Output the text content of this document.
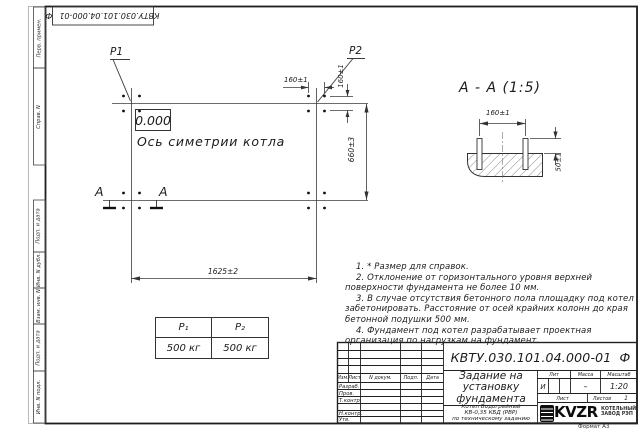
КВТУ.030.101.04.000-01
Ф
Перв. примен.
Справ. N
Подп. и дата
Инв. N дубл.
Взам. инв. N
Подп. и дата
Инв. N подл.
P1	P2
160±1	160±1
0.000
Ось симетрии котла
А	А
1625±2
660±3
А - А (1:5)
160±1
50±1

1. * Размер для справок.

2. Отклонение от горизонтального уровня верхней поверхности фундамента не более 10 мм.

3. В случае отсутствия бетонного пола площадку под котел забетонировать. Расстояние от осей крайних колонн до края бетонной подушки 500 мм.

4. Фундамент под котел разрабатывает проектная организация по нагрузкам на фундамент.

P₁	P₂
500 кг	500 кг
КВТУ.030.101.04.000-01 Ф
Изм. Лист	N докум.	Подп.	Дата
Разраб.
Пров.
Т.контр.
Н.контр.
Утв.
Задание на
установку
фундамента
Котел Водогрейный
КВ-0,35 КБД (РВР)
по техническому заданию
Лит	Масса	Масштаб
И	–	1:20
Лист	Листов	1
KVZR КОТЕЛЬНЫЙ
ЗАВОД РЭП
Формат А3
